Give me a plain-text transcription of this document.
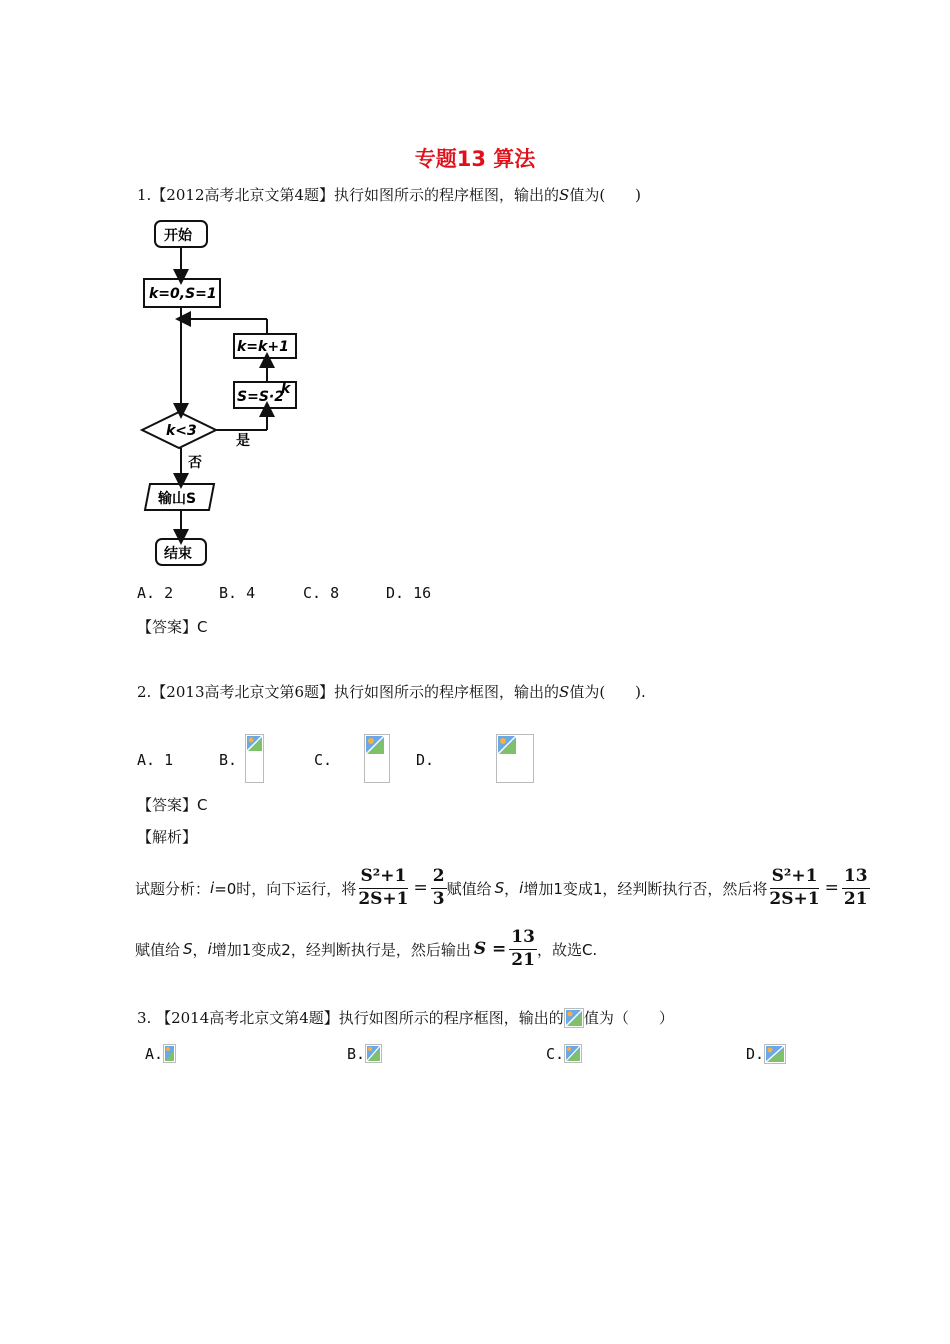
专题13 算法
1.【2012高考北京文第4题】执行如图所示的程序框图，输出的S值为(　　)
开始
k=0,S=1
k=k+1
S=S·2
k
k<3
是
否
输山S
结束
A. 2	B. 4	C. 8	D. 16
【答案】C
2.【2013高考北京文第6题】执行如图所示的程序框图，输出的S值为(　　).
A. 1	B.
	C.
	D.
【答案】C
【解析】
试题分析： i =0时，向下运行，将 $\frac{\text{S²+1}}{2S+1} = \frac{2}{3}$ 赋值给 S ， i 增加1变成1，经判断执行否，然后将 $\frac{\text{S²+1}}{2S+1} = \frac{13}{21}$
赋值给 S ， i 增加1变成2，经判断执行是，然后输出 $S = \frac{13}{21}$ ，故选C.
3. 【2014高考北京文第4题】执行如图所示的程序框图，输出的 值为（　　）
A.	B.	C.	D.
